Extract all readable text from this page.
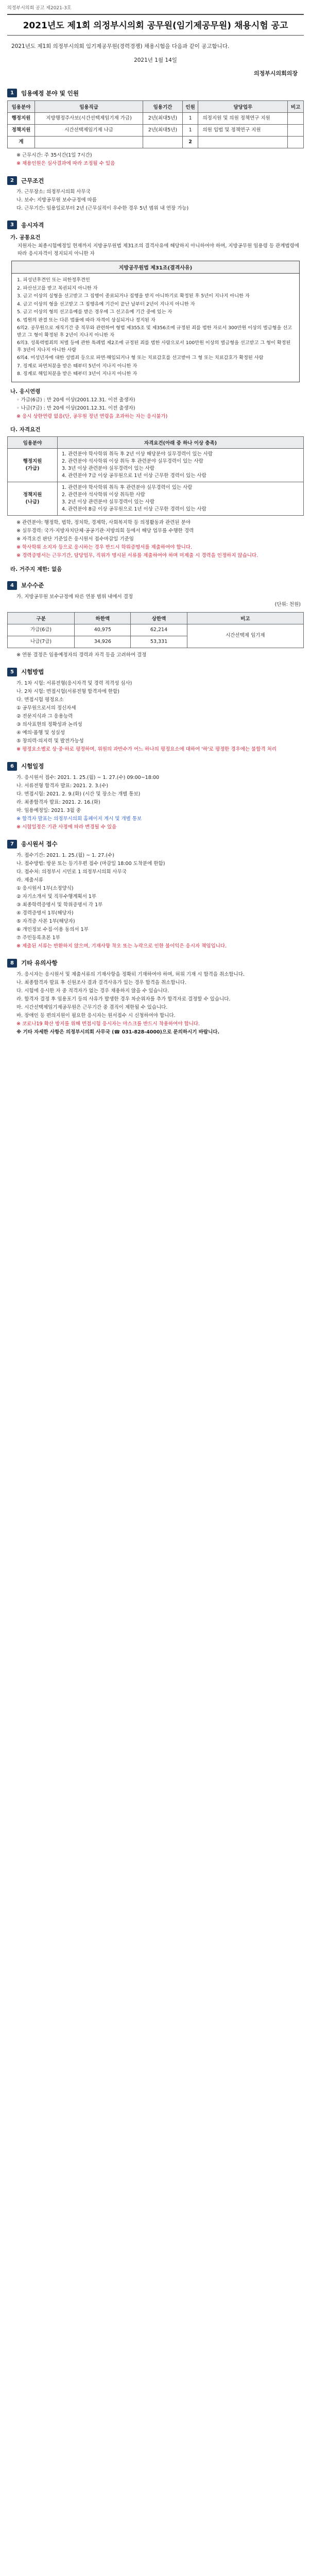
의정부시의회 공고 제2021-3호
2021년도 제1회 의정부시의회 공무원(임기제공무원) 채용시험 공고
2021년도 제1회 의정부시의회 임기제공무원(경력경쟁) 채용시험을 다음과 같이 공고합니다.
2021년 1월 14일
의정부시의회의장
1	임용예정 분야 및 인원
임용분야	임용직급	임용기간	인원	담당업무	비고
행정지원	지방행정주사보(시간선택제임기제 가급)	2년(최대5년)	1	의정지원 및 의원 정책연구 지원	
정책지원	시간선택제임기제 나급	2년(최대5년)	1	의원 입법 및 정책연구 지원	
계			2		
※ 근무시간: 주 35시간(1일 7시간)
※ 채용인원은 심사결과에 따라 조정될 수 있음
2	근무조건
가. 근무장소: 의정부시의회 사무국
나. 보수: 지방공무원 보수규정에 따름
다. 근무기간: 임용일로부터 2년 (근무실적이 우수한 경우 5년 범위 내 연장 가능)
3	응시자격
가. 공통요건
지원자는 최종시험예정일 현재까지 지방공무원법 제31조의 결격사유에 해당하지 아니하여야 하며, 지방공무원 임용령 등 관계법령에 따라 응시자격이 정지되지 아니한 자
지방공무원법 제31조(결격사유)
1. 피성년후견인 또는 피한정후견인
2. 파산선고를 받고 복권되지 아니한 자
3. 금고 이상의 실형을 선고받고 그 집행이 종료되거나 집행을 받지 아니하기로 확정된 후 5년이 지나지 아니한 자
4. 금고 이상의 형을 선고받고 그 집행유예 기간이 끝난 날부터 2년이 지나지 아니한 자
5. 금고 이상의 형의 선고유예를 받은 경우에 그 선고유예 기간 중에 있는 자
6. 법원의 판결 또는 다른 법률에 따라 자격이 상실되거나 정지된 자
6의2. 공무원으로 재직기간 중 직무와 관련하여 형법 제355조 및 제356조에 규정된 죄를 범한 자로서 300만원 이상의 벌금형을 선고받고 그 형이 확정된 후 2년이 지나지 아니한 자
6의3. 성폭력범죄의 처벌 등에 관한 특례법 제2조에 규정된 죄를 범한 사람으로서 100만원 이상의 벌금형을 선고받고 그 형이 확정된 후 3년이 지나지 아니한 사람
6의4. 미성년자에 대한 성범죄 등으로 파면·해임되거나 형 또는 치료감호를 선고받아 그 형 또는 치료감호가 확정된 사람
7. 징계로 파면처분을 받은 때부터 5년이 지나지 아니한 자
8. 징계로 해임처분을 받은 때부터 3년이 지나지 아니한 자
나. 응시연령
◦ 가급(6급) : 만 20세 이상(2001.12.31. 이전 출생자)
◦ 나급(7급) : 만 20세 이상(2001.12.31. 이전 출생자)
※ 응시 상한연령 없음(단, 공무원 정년 연령을 초과하는 자는 응시불가)
다. 자격요건
임용분야	자격요건(아래 중 하나 이상 충족)
행정지원
(가급)	1. 관련분야 학사학위 취득 후 2년 이상 해당분야 실무경력이 있는 사람
2. 관련분야 석사학위 이상 취득 후 관련분야 실무경력이 있는 사람
3. 3년 이상 관련분야 실무경력이 있는 사람
4. 관련분야 7급 이상 공무원으로 1년 이상 근무한 경력이 있는 사람
정책지원
(나급)	1. 관련분야 학사학위 취득 후 관련분야 실무경력이 있는 사람
2. 관련분야 석사학위 이상 취득한 사람
3. 2년 이상 관련분야 실무경력이 있는 사람
4. 관련분야 8급 이상 공무원으로 1년 이상 근무한 경력이 있는 사람
※ 관련분야: 행정학, 법학, 정치학, 경제학, 사회복지학 등 의정활동과 관련된 분야
※ 실무경력: 국가·지방자치단체·공공기관·지방의회 등에서 해당 업무를 수행한 경력
※ 자격요건 판단 기준일은 응시원서 접수마감일 기준임
※ 학사학위 소지자 등으로 응시하는 경우 반드시 학위증명서를 제출하여야 합니다.
※ 경력증명서는 근무기간, 담당업무, 직위가 명시된 서류를 제출하여야 하며 미제출 시 경력을 인정하지 않습니다.
라. 거주지 제한: 없음
4	보수수준
가. 지방공무원 보수규정에 따른 연봉 범위 내에서 결정
(단위: 천원)
구분	하한액	상한액	비고
가급(6급)	40,975	62,214	시간선택제 임기제
나급(7급)	34,926	53,331	
※ 연봉 결정은 임용예정자의 경력과 자격 등을 고려하여 결정
5	시험방법
가. 1차 시험: 서류전형(응시자격 및 경력 적격성 심사)
나. 2차 시험: 면접시험(서류전형 합격자에 한함)
다. 면접시험 평정요소
① 공무원으로서의 정신자세
② 전문지식과 그 응용능력
③ 의사표현의 정확성과 논리성
④ 예의·품행 및 성실성
⑤ 창의력·의지력 및 발전가능성
※ 평정요소별로 상·중·하로 평정하며, 위원의 과반수가 어느 하나의 평정요소에 대하여 '하'로 평정한 경우에는 불합격 처리
6	시험일정
가. 응시원서 접수: 2021. 1. 25.(월) ~ 1. 27.(수) 09:00~18:00
나. 서류전형 합격자 발표: 2021. 2. 3.(수)
다. 면접시험: 2021. 2. 9.(화) (시간 및 장소는 개별 통보)
라. 최종합격자 발표: 2021. 2. 16.(화)
마. 임용예정일: 2021. 3월 중
※ 합격자 발표는 의정부시의회 홈페이지 게시 및 개별 통보
※ 시험일정은 기관 사정에 따라 변경될 수 있음
7	응시원서 접수
가. 접수기간: 2021. 1. 25.(월) ~ 1. 27.(수)
나. 접수방법: 방문 또는 등기우편 접수 (마감일 18:00 도착분에 한함)
다. 접수처: 의정부시 시민로 1 의정부시의회 사무국
라. 제출서류
① 응시원서 1부(소정양식)
② 자기소개서 및 직무수행계획서 1부
③ 최종학력증명서 및 학위증명서 각 1부
④ 경력증명서 1부(해당자)
⑤ 자격증 사본 1부(해당자)
⑥ 개인정보 수집·이용 동의서 1부
⑦ 주민등록초본 1부
※ 제출된 서류는 반환하지 않으며, 기재사항 착오 또는 누락으로 인한 불이익은 응시자 책임입니다.
8	기타 유의사항
가. 응시자는 응시원서 및 제출서류의 기재사항을 정확히 기재하여야 하며, 허위 기재 시 합격을 취소합니다.
나. 최종합격자 발표 후 신원조사 결과 결격사유가 있는 경우 합격을 취소합니다.
다. 시험에 응시한 자 중 적격자가 없는 경우 채용하지 않을 수 있습니다.
라. 합격자 결정 후 임용포기 등의 사유가 발생한 경우 차순위자를 추가 합격자로 결정할 수 있습니다.
마. 시간선택제임기제공무원은 근무기간 중 겸직이 제한될 수 있습니다.
바. 장애인 등 편의지원이 필요한 응시자는 원서접수 시 신청하여야 합니다.
※ 코로나19 확산 방지를 위해 면접시험 응시자는 마스크를 반드시 착용하여야 합니다.
※ 기타 자세한 사항은 의정부시의회 사무국 (☎ 031-828-4000)으로 문의하시기 바랍니다.
